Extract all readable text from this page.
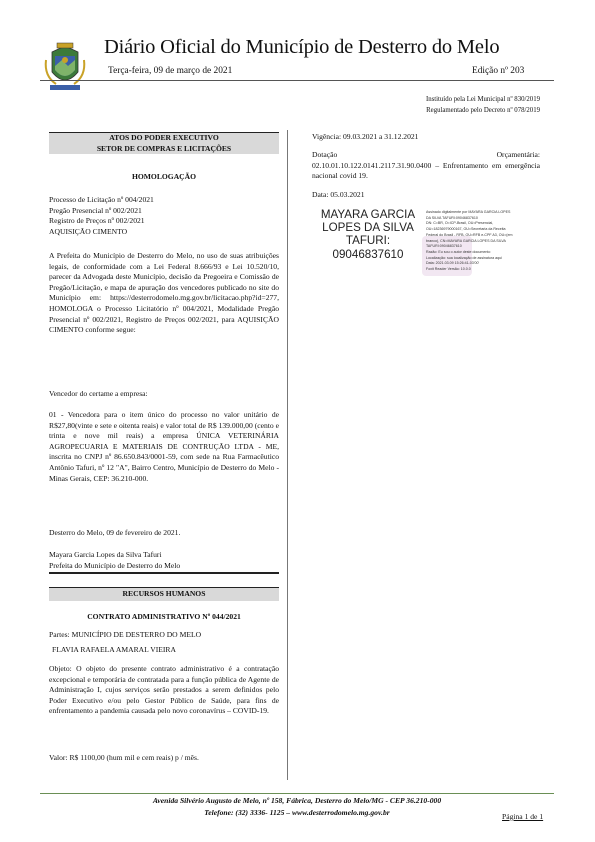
Diário Oficial do Município de Desterro do Melo
Terça-feira, 09 de março de 2021	Edição nº 203
Instituído pela Lei Municipal nº 830/2019
Regulamentado pelo Decreto nº 078/2019
ATOS DO PODER EXECUTIVO
SETOR DE COMPRAS E LICITAÇÕES
HOMOLOGAÇÃO
Processo de Licitação nº 004/2021
Pregão Presencial nº 002/2021
Registro de Preços nº 002/2021
AQUISIÇÃO CIMENTO
A Prefeita do Município de Desterro do Melo, no uso de suas atribuições legais, de conformidade com a Lei Federal 8.666/93 e Lei 10.520/10, parecer da Advogada deste Município, decisão da Pregoeira e Comissão de Pregão/Licitação, e mapa de apuração dos vencedores publicado no site do Município em: https://desterrodomelo.mg.gov.br/licitacao.php?id=277, HOMOLOGA o Processo Licitatório nº 004/2021, Modalidade Pregão Presencial nº 002/2021, Registro de Preços 002/2021, para AQUISIÇÃO CIMENTO conforme segue:
Vencedor do certame a empresa:
01 - Vencedora para o item único do processo no valor unitário de R$27,80(vinte e sete e oitenta reais) e valor total de R$ 139.000,00 (cento e trinta e nove mil reais) a empresa ÚNICA VETERINÁRIA AGROPECUARIA E MATERIAIS DE CONTRUÇÃO LTDA - ME, inscrita no CNPJ nº 86.650.843/0001-59, com sede na Rua Farmacêutico Antônio Tafuri, nº 12 "A", Bairro Centro, Município de Desterro do Melo - Minas Gerais, CEP: 36.210-000.
Desterro do Melo, 09 de fevereiro de 2021.
Mayara Garcia Lopes da Silva Tafuri
Prefeita do Município de Desterro do Melo
RECURSOS HUMANOS
CONTRATO ADMINISTRATIVO Nº 044/2021
Partes: MUNICÍPIO DE DESTERRO DO MELO
FLAVIA RAFAELA AMARAL VIEIRA
Objeto: O objeto do presente contrato administrativo é a contratação excepcional e temporária de contratada para a função pública de Agente de Administração I, cujos serviços serão prestados a serem definidos pelo Poder Executivo e/ou pelo Gestor Público de Saúde, para fins de enfrentamento a pandemia causada pelo novo coronavírus – COVID-19.
Valor: R$ 1100,00 (hum mil e cem reais) p / mês.
Vigência: 09.03.2021 a 31.12.2021
Dotação	Orçamentária:
02.10.01.10.122.0141.2117.31.90.0400 – Enfrentamento em emergência nacional covid 19.
Data: 05.03.2021
MAYARA GARCIA LOPES DA SILVA TAFURI: 09046837610
Assinado digitalmente por MAYARA GARCIA LOPES
DA SILVA TAFURI:09046837610
DN: C=BR, O=ICP-Brasil, OU=Presencial,
OU=18236979000167, OU=Secretaria da Receita
Federal do Brasil - RFB, OU=RFB e-CPF A3, OU=(em
branco), CN=MAYARA GARCIA LOPES DA SILVA
TAFURI:09046837610
Razão: Eu sou o autor deste documento
Localização: sua localização de assinatura aqui
Data: 2021.03.09 15:26:41-03'00'
Foxit Reader Versão: 10.0.0
Avenida Silvério Augusto de Melo, nº 158, Fábrica, Desterro do Melo/MG - CEP 36.210-000
Telefone: (32) 3336- 1125 – www.desterrodomelo.mg.gov.br	Página 1 de 1
